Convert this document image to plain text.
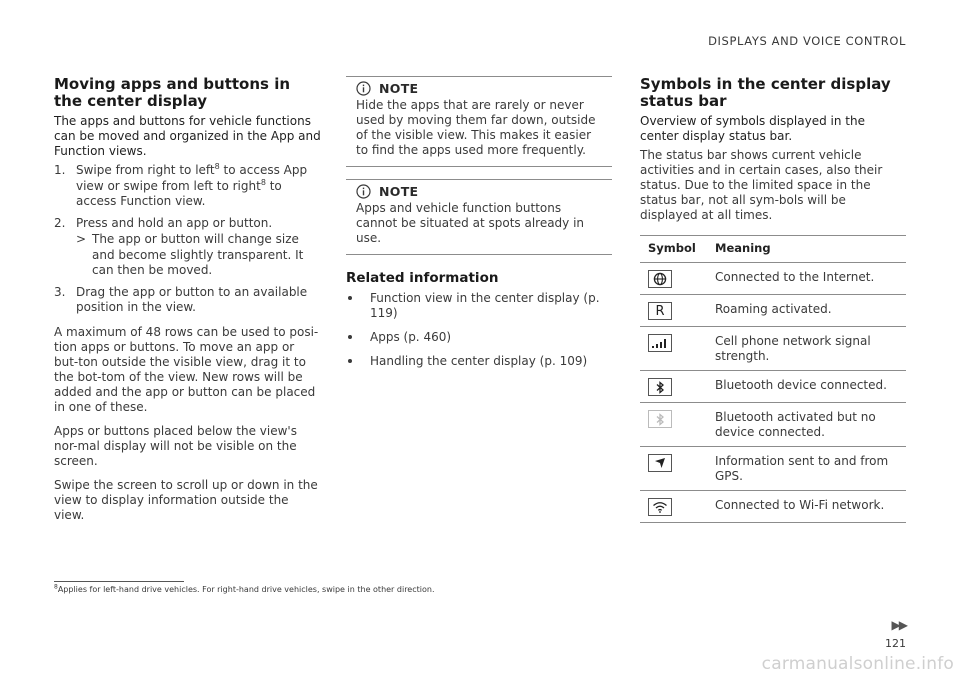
DISPLAYS AND VOICE CONTROL
Moving apps and buttons in the center display
The apps and buttons for vehicle functions can be moved and organized in the App and Function views.
1. Swipe from right to left$^8$ to access App view or swipe from left to right$^8$ to access Function view.
2. Press and hold an app or button.
> The app or button will change size and become slightly transparent. It can then be moved.
3. Drag the app or button to an available position in the view.

A maximum of 48 rows can be used to posi-tion apps or buttons. To move an app or but-ton outside the visible view, drag it to the bot-tom of the view. New rows will be added and the app or button can be placed in one of these.

Apps or buttons placed below the view's nor-mal display will not be visible on the screen.

Swipe the screen to scroll up or down in the view to display information outside the view.

NOTE

Hide the apps that are rarely or never used by moving them far down, outside of the visible view. This makes it easier to find the apps used more frequently.

NOTE

Apps and vehicle function buttons cannot be situated at spots already in use.

Related information
Function view in the center display (p. 119)
Apps (p. 460)
Handling the center display (p. 109)
Symbols in the center display status bar
Overview of symbols displayed in the center display status bar.

The status bar shows current vehicle activities and in certain cases, also their status. Due to the limited space in the status bar, not all sym-bols will be displayed at all times.

Symbol	Meaning

	Connected to the Internet.

R	Roaming activated.

	Cell phone network signal strength.

	Bluetooth device connected.

	Bluetooth activated but no device connected.

	Information sent to and from GPS.

	Connected to Wi-Fi network.
$^8$Applies for left-hand drive vehicles. For right-hand drive vehicles, swipe in the other direction.
▶▶
121
carmanualsonline.info
